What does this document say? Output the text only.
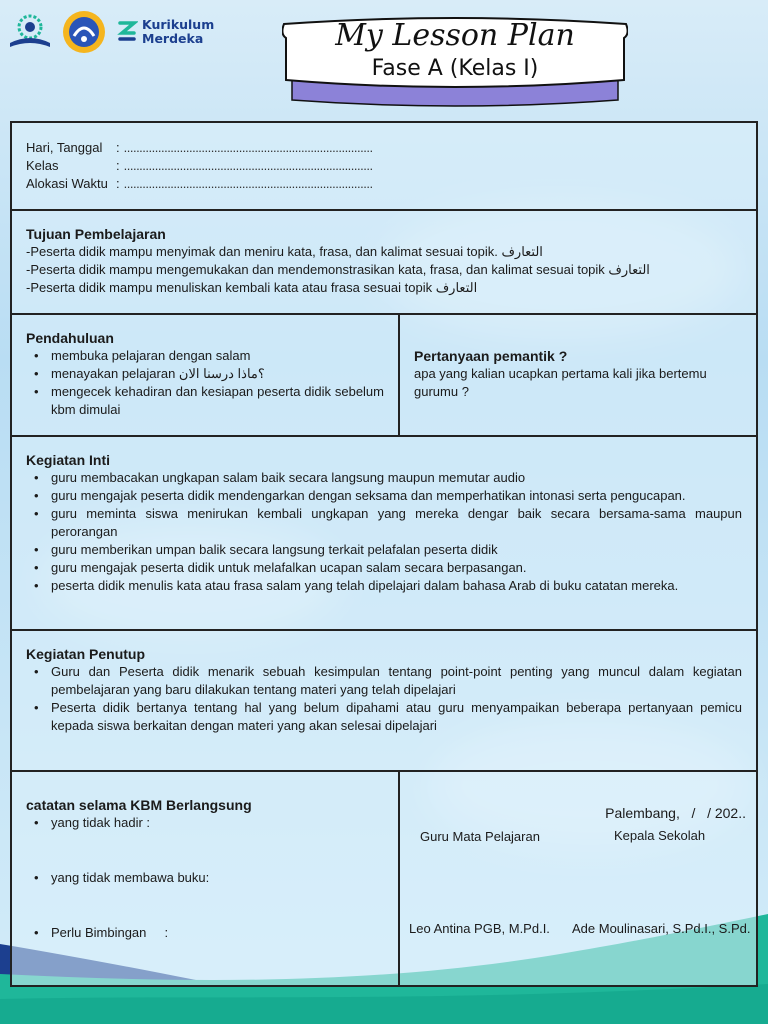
Kurikulum
Merdeka	My Lesson Plan
Fase A (Kelas I)
Hari, Tanggal	: ................................................................................
Kelas	: ................................................................................
Alokasi Waktu : ................................................................................
Tujuan Pembelajaran
-Peserta didik mampu menyimak dan meniru kata, frasa, dan kalimat sesuai topik. التعارف
-Peserta didik mampu mengemukakan dan mendemonstrasikan kata, frasa, dan kalimat sesuai topik التعارف
-Peserta didik mampu menuliskan kembali kata atau frasa sesuai topik التعارف
Pendahuluan
• membuka pelajaran dengan salam
• menayakan pelajaran ؟ماذا درسنا الان
• mengecek kehadiran dan kesiapan peserta didik sebelum kbm dimulai
Pertanyaan pemantik ?
apa yang kalian ucapkan pertama kali jika bertemu gurumu ?
Kegiatan Inti
• guru membacakan ungkapan salam baik secara langsung maupun memutar audio
• guru mengajak peserta didik mendengarkan dengan seksama dan memperhatikan intonasi serta pengucapan.
• guru meminta siswa menirukan kembali ungkapan yang mereka dengar baik secara bersama-sama maupun perorangan
• guru memberikan umpan balik secara langsung terkait pelafalan peserta didik
• guru mengajak peserta didik untuk melafalkan ucapan salam secara berpasangan.
• peserta didik menulis kata atau frasa salam yang telah dipelajari dalam bahasa Arab di buku catatan mereka.
Kegiatan Penutup
• Guru dan Peserta didik menarik sebuah kesimpulan tentang point-point penting yang muncul dalam kegiatan pembelajaran yang baru dilakukan tentang materi yang telah dipelajari
• Peserta didik bertanya tentang hal yang belum dipahami atau guru menyampaikan beberapa pertanyaan pemicu kepada siswa berkaitan dengan materi yang akan selesai dipelajari
catatan selama KBM Berlangsung
• yang tidak hadir :
• yang tidak membawa buku:
• Perlu Bimbingan     :
Palembang,   /   / 202..
Guru Mata Pelajaran	Kepala Sekolah
Leo Antina PGB, M.Pd.I. Ade Moulinasari, S.Pd.I., S.Pd.
